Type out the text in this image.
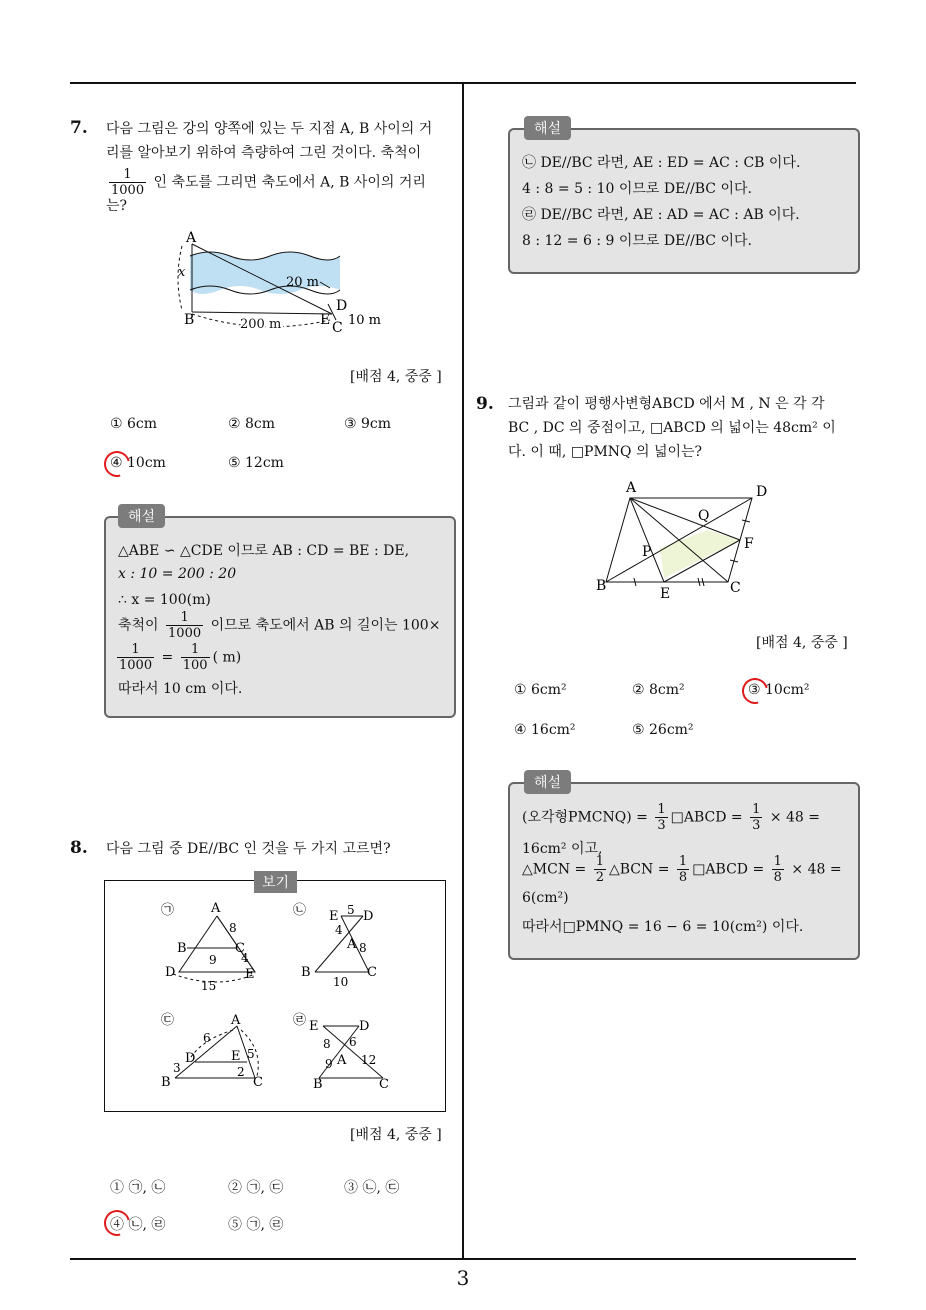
3
7. 다음 그림은 강의 양쪽에 있는 두 지점 A, B 사이의 거
리를 알아보기 위하여 측량하여 그린 것이다. 축척이
$\frac{1}{1000}$ 인 축도를 그리면 축도에서 A, B 사이의 거리
는?
A
B
x
20 m
D
E C 10 m
200 m
[배점 4, 중중 ]
① 6cm	② 8cm	③ 9cm
④ 10cm	⑤ 12cm
해설
△ABE ∽ △CDE 이므로 AB : CD = BE : DE,
x : 10 = 200 : 20
∴ x = 100(m)
축척이 $\frac{1}{1000}$ 이므로 축도에서 AB 의 길이는 100×
$\frac{1}{1000} = \frac{1}{100}$ ( m)
따라서 10 cm 이다.
8. 다음 그림 중 DE//BC 인 것을 두 가지 고르면?
보기
㉠	A
B	C
D	E
8
9 4
15
㉡ E D
A
B	C
5
4
8
10
㉢	A
D	E
B	C
6
3
5
2
㉣ E	D
A
B	C
8 6
9 12
[배점 4, 중중 ]
① ㉠, ㉡	② ㉠, ㉢	③ ㉡, ㉢
④ ㉡, ㉣	⑤ ㉠, ㉣
해설
㉡ DE//BC 라면, AE : ED = AC : CB 이다.
4 : 8 = 5 : 10 이므로 DE//BC 이다.
㉣ DE//BC 라면, AE : AD = AC : AB 이다.
8 : 12 = 6 : 9 이므로 DE//BC 이다.
9. 그림과 같이 평행사변형ABCD 에서 M , N 은 각 각
BC , DC 의 중점이고, □ABCD 의 넓이는 48cm² 이
다. 이 때, □PMNQ 의 넓이는?
A	D
B	C
E
F
P
Q
[배점 4, 중중 ]
① 6cm²	② 8cm²	③ 10cm²
④ 16cm²	⑤ 26cm²
해설
(오각형PMCNQ) = $\frac{1}{3}$ □ABCD = $\frac{1}{3} \times 48$ =
16cm² 이고,
△MCN = $\frac{1}{2}$ △BCN = $\frac{1}{8}$ □ABCD = $\frac{1}{8} \times 48$ =
6(cm²)
따라서□PMNQ = 16 − 6 = 10(cm²) 이다.
